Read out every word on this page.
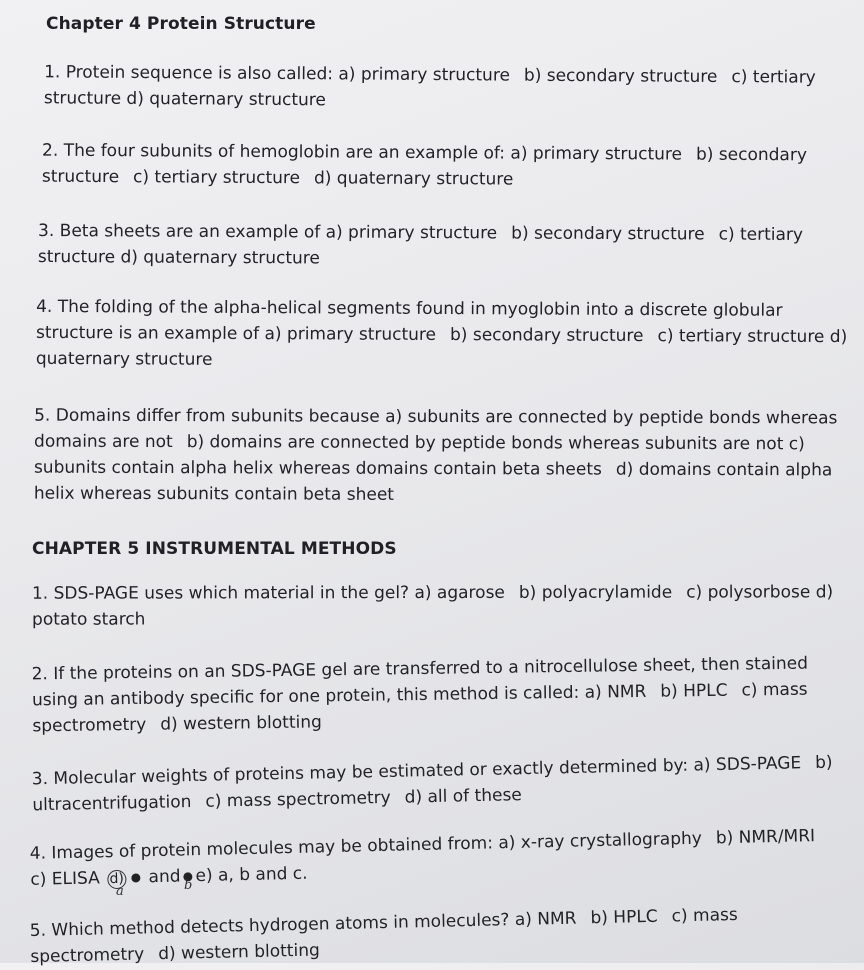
Chapter 4 Protein Structure
1. Protein sequence is also called: a) primary structure b) secondary structure c) tertiary
structure d) quaternary structure
2. The four subunits of hemoglobin are an example of: a) primary structure b) secondary
structure c) tertiary structure d) quaternary structure
3. Beta sheets are an example of a) primary structure b) secondary structure c) tertiary
structure d) quaternary structure
4. The folding of the alpha-helical segments found in myoglobin into a discrete globular
structure is an example of a) primary structure b) secondary structure c) tertiary structure d)
quaternary structure
5. Domains differ from subunits because a) subunits are connected by peptide bonds whereas
domains are not b) domains are connected by peptide bonds whereas subunits are not c)
subunits contain alpha helix whereas domains contain beta sheets d) domains contain alpha
helix whereas subunits contain beta sheet
CHAPTER 5 INSTRUMENTAL METHODS
1. SDS-PAGE uses which material in the gel? a) agarose b) polyacrylamide c) polysorbose d)
potato starch
2. If the proteins on an SDS-PAGE gel are transferred to a nitrocellulose sheet, then stained
using an antibody specific for one protein, this method is called: a) NMR b) HPLC c) mass
spectrometry d) western blotting
3. Molecular weights of proteins may be estimated or exactly determined by: a) SDS-PAGE b)
ultracentrifugation c) mass spectrometry d) all of these
4. Images of protein molecules may be obtained from: a) x-ray crystallography b) NMR/MRI
c) ELISA d) and e) a, b and c.
a	b
5. Which method detects hydrogen atoms in molecules? a) NMR b) HPLC c) mass
spectrometry d) western blotting
